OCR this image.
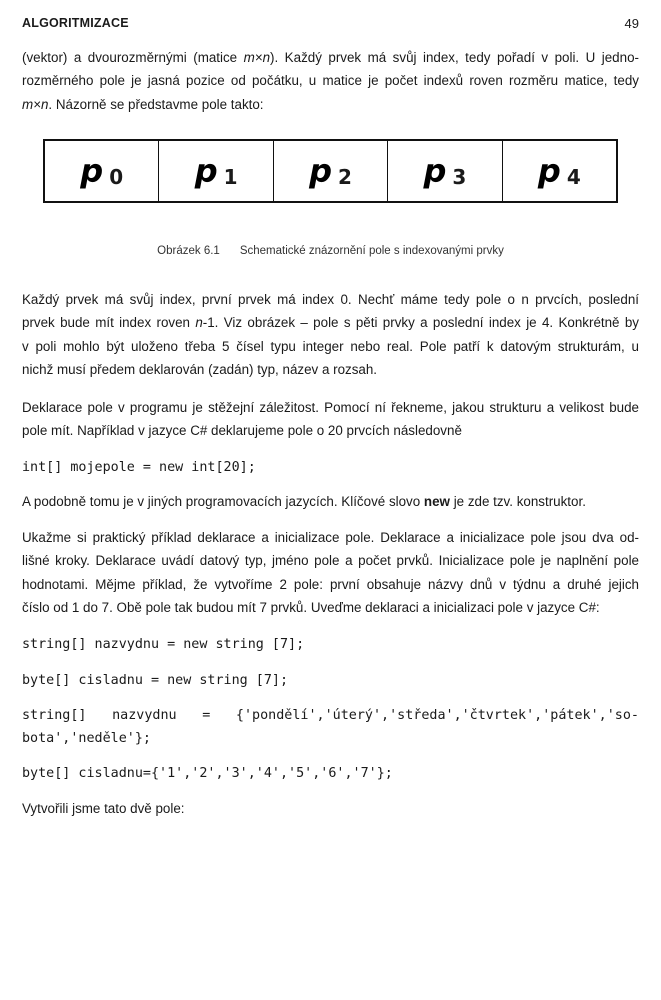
ALGORITMIZACE	49
(vektor) a dvourozměrnými (matice m×n). Každý prvek má svůj index, tedy pořadí v poli. U jedno-
rozměrného pole je jasná pozice od počátku, u matice je počet indexů roven rozměru matice, tedy
m×n. Názorně se představme pole takto:
p 0 p 1 p 2 p 3 p 4
Obrázek 6.1 Schematické znázornění pole s indexovanými prvky
Každý prvek má svůj index, první prvek má index 0. Nechť máme tedy pole o n prvcích, poslední
prvek bude mít index roven n-1. Viz obrázek – pole s pěti prvky a poslední index je 4. Konkrétně by
v poli mohlo být uloženo třeba 5 čísel typu integer nebo real. Pole patří k datovým strukturám, u
nichž musí předem deklarován (zadán) typ, název a rozsah.
Deklarace pole v programu je stěžejní záležitost. Pomocí ní řekneme, jakou strukturu a velikost bude
pole mít. Například v jazyce C# deklarujeme pole o 20 prvcích následovně
int[] mojepole = new int[20];
A podobně tomu je v jiných programovacích jazycích. Klíčové slovo new je zde tzv. konstruktor.
Ukažme si praktický příklad deklarace a inicializace pole. Deklarace a inicializace pole jsou dva od-
lišné kroky. Deklarace uvádí datový typ, jméno pole a počet prvků. Inicializace pole je naplnění pole
hodnotami. Mějme příklad, že vytvoříme 2 pole: první obsahuje názvy dnů v týdnu a druhé jejich
číslo od 1 do 7. Obě pole tak budou mít 7 prvků. Uveďme deklaraci a inicializaci pole v jazyce C#:
string[] nazvydnu = new string [7];
byte[] cisladnu = new string [7];
string[] nazvydnu = {'pondělí','úterý','středa','čtvrtek','pátek','so-
bota','neděle'};
byte[] cisladnu={'1','2','3','4','5','6','7'};
Vytvořili jsme tato dvě pole:
